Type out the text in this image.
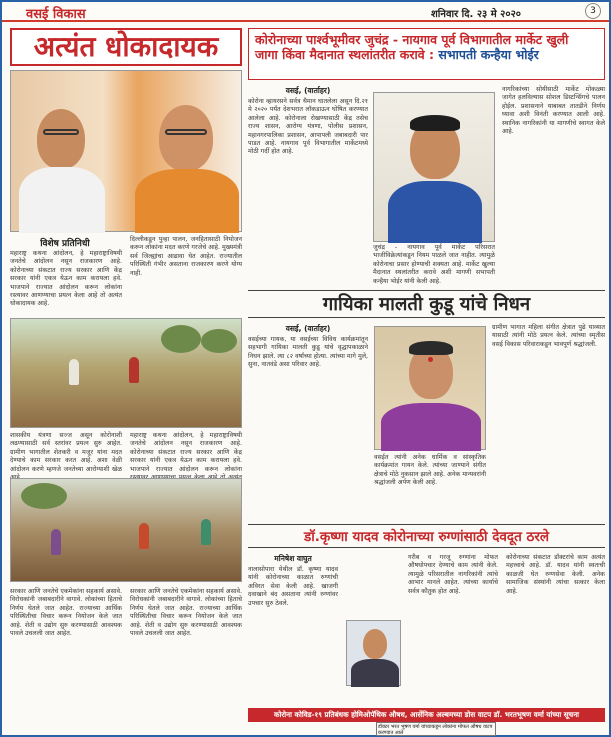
वसई विकास	शनिवार दि. २३ मे २०२०	3
अत्यंत धोकादायक
विशेष प्रतिनिधी
महाराष्ट्र कथना आंदोलन, हे महाराष्ट्राविषयी जनतेचे आंदोलन नसून राजकारण आहे. कोरोनाच्या संकटात राज्य सरकार आणि केंद्र सरकार यांनी एकत्र येऊन काम करायला हवे. भाजपाने राज्यात आंदोलन करून लोकांना रस्त्यावर आणण्याचा प्रयत्न केला आहे तो अत्यंत धोकादायक आहे.
दिल्लीकडून पुन्हा पालन, जनहितासाठी नियोजन करून लोकांना मदत करणे गरजेचे आहे. मुख्यमंत्री सर्व जिल्ह्यांचा आढावा घेत आहेत. राज्यातील परिस्थिती गंभीर असताना राजकारण करणे योग्य नाही.
शासकीय यंत्रणा सज्ज असून कोरोनाशी लढण्यासाठी सर्व स्तरांवर प्रयत्न सुरु आहेत. ग्रामीण भागातील शेतकरी व मजूर यांना मदत देण्याचे काम सरकार करत आहे. अशा वेळी आंदोलन करणे म्हणजे जनतेच्या आरोग्याशी खेळ
महाराष्ट्र कथना आंदोलन, हे महाराष्ट्राविषयी जनतेचे आंदोलन नसून राजकारण आहे. कोरोनाच्या संकटात राज्य सरकार आणि केंद्र सरकार यांनी एकत्र येऊन काम करायला हवे. भाजपाने राज्यात आंदोलन करून लोकांना
सरकार आणि जनतेचे एकमेकांना सहकार्य असावे. विरोधकांनी जबाबदारीने वागावे. लोकांच्या हिताचे निर्णय घेतले जात आहेत. राज्याच्या आर्थिक परिस्थितीचा विचार करून नियोजन केले जात आहे. शेती व उद्योग सुरु करण्यासाठी आवश्यक पावले उचलली जात आहेत.
सरकार आणि जनतेचे एकमेकांना सहकार्य असावे. विरोधकांनी जबाबदारीने वागावे. लोकांच्या हिताचे निर्णय घेतले जात आहेत. राज्याच्या आर्थिक परिस्थितीचा विचार करून नियोजन केले जात आहे. शेती व उद्योग सुरु करण्यासाठी आवश्यक पावले उचलली जात आहेत.
कोरोनाच्या पार्श्वभूमीवर जुचंद्र - नायगाव पूर्व विभागातील मार्केट खुली
जागा किंवा मैदानात स्थलांतरीत करावे : सभापती कन्हैया भोईर
वसई, (वार्ताहर)
कोरोना व्हायरसने सर्वत्र थैमान घातलेला असून दि.२१ मे २०२० पर्यंत देशभरात लॉकडाऊन घोषित करण्यात आलेला आहे. कोरोनाला रोखण्यासाठी केंद्र तसेच राज्य शासन, आरोग्य यंत्रणा, पोलीस प्रशासन, महानगरपालिका प्रशासन, आपापली जबाबदारी पार पाडत आहे. नायगाव पूर्व विभागातील मार्केटमध्ये मोठी गर्दी होत आहे.
जुचंद्र - नायगाव पूर्व मार्केट परिसरात भाजीविक्रेत्यांकडून नियम पाळले जात नाहीत. त्यामुळे कोरोनाचा प्रसार होण्याची शक्यता आहे. मार्केट खुल्या मैदानात स्थलांतरीत करावे अशी मागणी सभापती कन्हैया भोईर यांनी केली आहे.
नागरिकांच्या सोयीसाठी मार्केट मोकळ्या जागेत हलविल्यास सोशल डिस्टन्सिंगचे पालन होईल. प्रशासनाने याबाबत तातडीने निर्णय घ्यावा अशी विनंती करण्यात आली आहे. स्थानिक नागरिकांनी या मागणीचे स्वागत केले आहे.
गायिका मालती कुडू यांचे निधन
वसई, (वार्ताहर)
वसईच्या गायक, या वसईच्या विविध कार्यक्रमांतून सहभागी गायिका मालती कुडू यांचे वृद्धापकाळाने निधन झाले. त्या ८२ वर्षांच्या होत्या. त्यांच्या मागे मुले, सुना, नातवंडे असा परिवार आहे.
वसईत त्यांनी अनेक धार्मिक व सांस्कृतिक कार्यक्रमांत गायन केले. त्यांच्या जाण्याने संगीत क्षेत्राचे मोठे नुकसान झाले आहे. अनेक मान्यवरांनी श्रद्धांजली अर्पण केली आहे.
ग्रामीण भागात महिला संगीत क्षेत्रात पुढे याव्यात यासाठी त्यांनी मोठे प्रयत्न केले. त्यांच्या स्मृतीस वसई विकास परिवाराकडून भावपूर्ण श्रद्धांजली.
डॉ.कृष्णा यादव कोरोनाच्या रुग्णांसाठी देवदूत ठरले
मनिषेश वाघुत
नालासोपारा येथील डॉ. कृष्णा यादव यांनी कोरोनाच्या काळात रुग्णांची अविरत सेवा केली आहे. खाजगी दवाखाने बंद असताना त्यांनी रुग्णांवर उपचार सुरु ठेवले.
गरीब व गरजू रुग्णांना मोफत औषधोपचार देण्याचे काम त्यांनी केले. त्यामुळे परिसरातील नागरिकांनी त्यांचे आभार मानले आहेत. त्यांच्या कार्याचे सर्वत्र कौतुक होत आहे.
कोरोनाच्या संकटात डॉक्टरांचे काम अत्यंत महत्त्वाचे आहे. डॉ. यादव यांनी स्वतःची काळजी घेत रुग्णसेवा केली. अनेक सामाजिक संस्थांनी त्यांचा सत्कार केला आहे.
कोरोना कोविड-१९ प्रतिबंधक होमिओपॅथिक औषध, आर्सेनिक अल्बमच्या डोस वाटप डॉ. भरतभूषण वर्मा यांच्या सूचना
डॉक्टर भरत भूषण वर्मा यांच्याकडून लोकांना मोफत औषध वाटप करण्यात आले
